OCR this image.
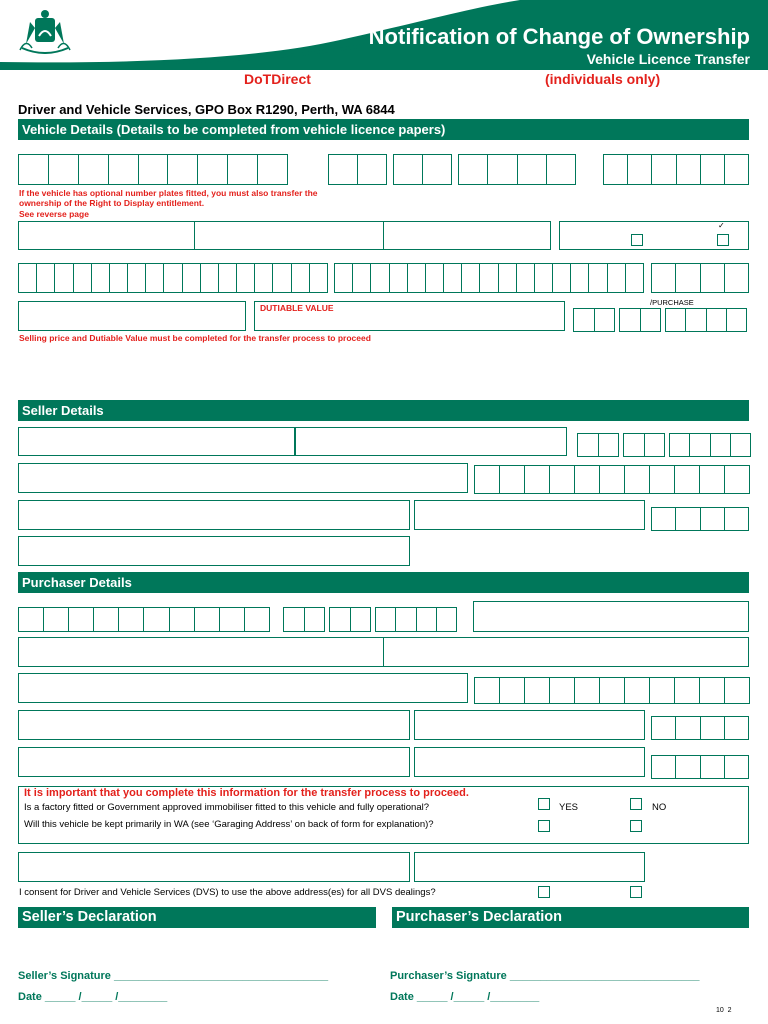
Notification of Change of Ownership
Vehicle Licence Transfer
DoTDirect	(individuals only)
Driver and Vehicle Services, GPO Box R1290, Perth, WA 6844
Vehicle Details (Details to be completed from vehicle licence papers)
If the vehicle has optional number plates fitted, you must also transfer the ownership of the Right to Display entitlement.
See reverse page
✓
DUTIABLE VALUE
/PURCHASE
Selling price and Dutiable Value must be completed for the transfer process to proceed
Seller Details
Purchaser Details
It is important that you complete this information for the transfer process to proceed.
Is a factory fitted or Government approved immobiliser fitted to this vehicle and fully operational?
Will this vehicle be kept primarily in WA (see ‘Garaging Address’ on back of form for explanation)?
YES	NO
I consent for Driver and Vehicle Services (DVS) to use the above address(es) for all DVS dealings?
Seller’s Declaration	Purchaser’s Declaration
Seller’s Signature ___________________________________	Purchaser’s Signature _______________________________
Date _____ /_____ /________	Date _____ /_____ /________
10  2
